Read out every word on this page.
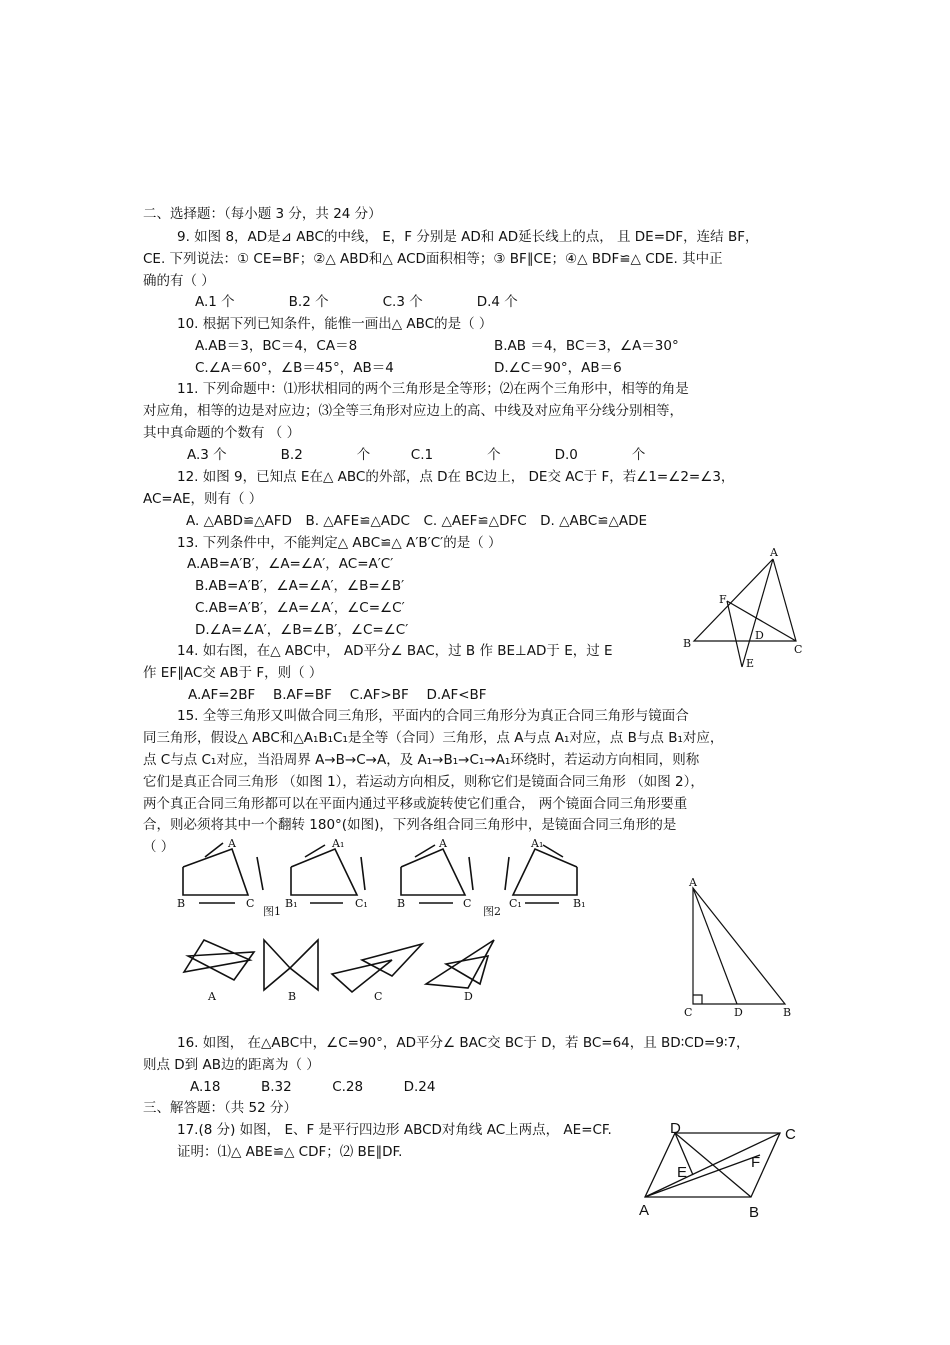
二、选择题：（每小题 3 分，共 24 分）
9. 如图 8，AD是⊿ ABC的中线， E，F 分别是 AD和 AD延长线上的点， 且 DE=DF，连结 BF，
CE. 下列说法：① CE=BF；②△ ABD和△ ACD面积相等；③ BF∥CE；④△ BDF≌△ CDE. 其中正
确的有（ ）
A.1 个　　　　B.2 个　　　　C.3 个　　　　D.4 个
10. 根据下列已知条件，能惟一画出△ ABC的是（ ）
A.AB＝3，BC＝4，CA＝8	B.AB ＝4，BC＝3，∠A＝30°
C.∠A＝60°，∠B＝45°，AB＝4	D.∠C＝90°，AB＝6
11. 下列命题中：⑴形状相同的两个三角形是全等形；⑵在两个三角形中，相等的角是
对应角，相等的边是对应边；⑶全等三角形对应边上的高、中线及对应角平分线分别相等，
其中真命题的个数有 （ ）
A.3 个　　　　B.2　　　　个　　　C.1　　　　个　　　　D.0　　　　个
12. 如图 9，已知点 E在△ ABC的外部，点 D在 BC边上， DE交 AC于 F，若∠1=∠2=∠3，
AC=AE，则有（ ）
A. △ABD≌△AFD　B. △AFE≌△ADC　C. △AEF≌△DFC　D. △ABC≌△ADE
13. 下列条件中，不能判定△ ABC≌△ A′B′C′的是（ ）
A.AB=A′B′，∠A=∠A′，AC=A′C′
B.AB=A′B′，∠A=∠A′，∠B=∠B′
C.AB=A′B′，∠A=∠A′，∠C=∠C′
D.∠A=∠A′，∠B=∠B′，∠C=∠C′
A
F
D
B	C
E
14. 如右图，在△ ABC中， AD平分∠ BAC，过 B 作 BE⊥AD于 E，过 E
作 EF∥AC交 AB于 F，则（ ）
A.AF=2BF　 B.AF=BF　 C.AF>BF　 D.AF<BF
15. 全等三角形又叫做合同三角形，平面内的合同三角形分为真正合同三角形与镜面合
同三角形，假设△ ABC和△A₁B₁C₁是全等（合同）三角形，点 A与点 A₁对应，点 B与点 B₁对应，
点 C与点 C₁对应，当沿周界 A→B→C→A，及 A₁→B₁→C₁→A₁环绕时，若运动方向相同，则称
它们是真正合同三角形 （如图 1），若运动方向相反，则称它们是镜面合同三角形 （如图 2），
两个真正合同三角形都可以在平面内通过平移或旋转使它们重合， 两个镜面合同三角形要重
合，则必须将其中一个翻转 180°(如图)，下列各组合同三角形中，是镜面合同三角形的是
（ ）	A
B	C
A₁
B₁	C₁
图1
A
B	C
图2
A₁
C₁	B₁
A	B	C	D
A
C	D	B
16. 如图， 在△ABC中，∠C=90°，AD平分∠ BAC交 BC于 D，若 BC=64，且 BD∶CD=9∶7，
则点 D到 AB边的距离为（ ）
A.18　　　B.32　　　C.28　　　D.24
三、解答题：（共 52 分）
17.(8 分) 如图， E、F 是平行四边形 ABCD对角线 AC上两点， AE=CF.
证明：⑴△ ABE≌△ CDF；⑵ BE∥DF.
D	C
F
E
A	B
